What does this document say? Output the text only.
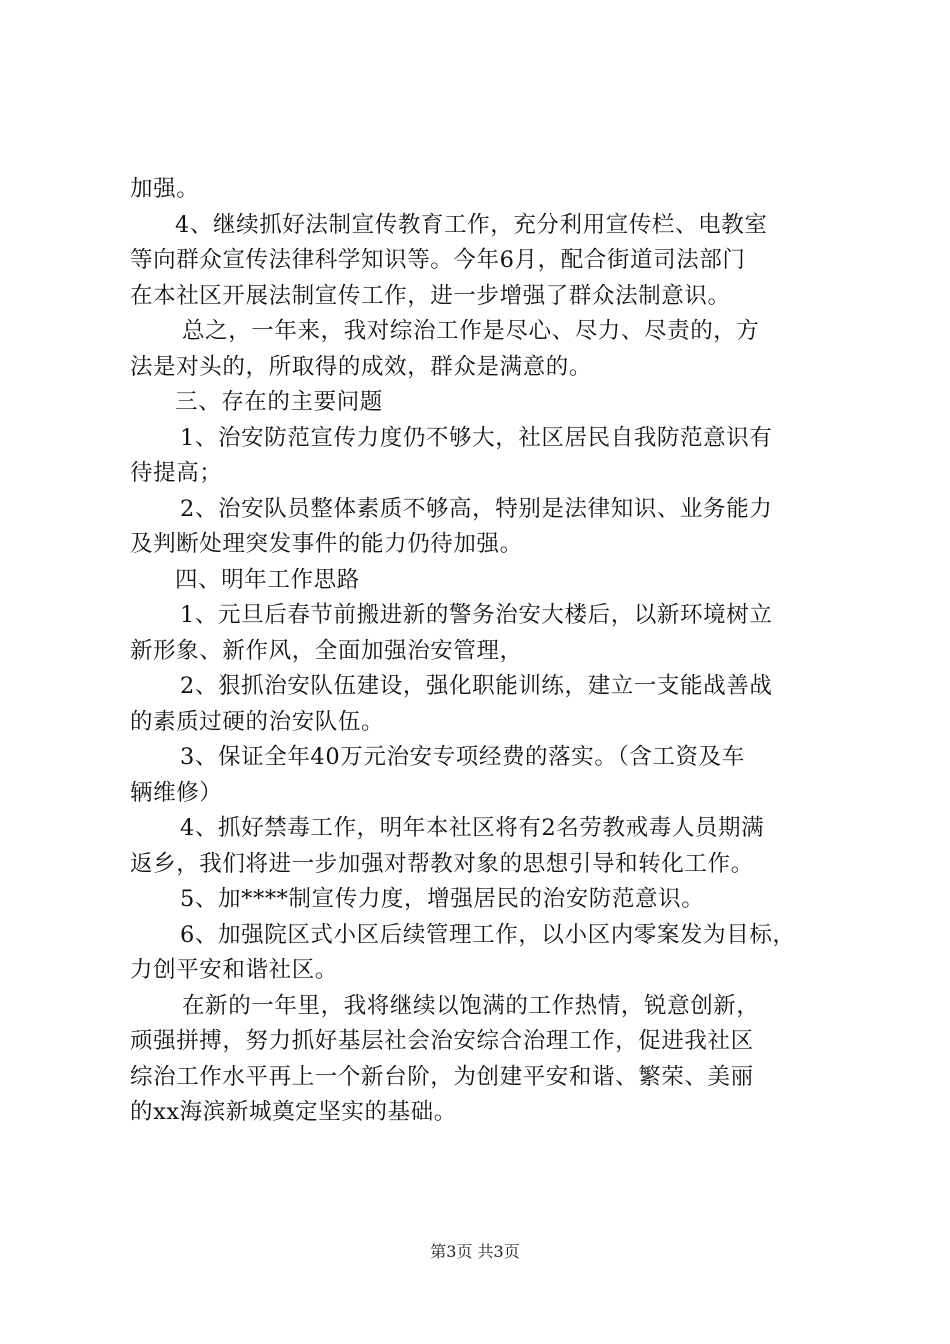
加强。
4、继续抓好法制宣传教育工作，充分利用宣传栏、电教室
等向群众宣传法律科学知识等。今年6月，配合街道司法部门
在本社区开展法制宣传工作，进一步增强了群众法制意识。
总之，一年来，我对综治工作是尽心、尽力、尽责的，方
法是对头的，所取得的成效，群众是满意的。
三、存在的主要问题
1、治安防范宣传力度仍不够大，社区居民自我防范意识有
待提高；
2、治安队员整体素质不够高，特别是法律知识、业务能力
及判断处理突发事件的能力仍待加强。
四、明年工作思路
1、元旦后春节前搬进新的警务治安大楼后，以新环境树立
新形象、新作风，全面加强治安管理，
2、狠抓治安队伍建设，强化职能训练，建立一支能战善战
的素质过硬的治安队伍。
3、保证全年40万元治安专项经费的落实。（含工资及车
辆维修）
4、抓好禁毒工作，明年本社区将有2名劳教戒毒人员期满
返乡，我们将进一步加强对帮教对象的思想引导和转化工作。
5、加****制宣传力度，增强居民的治安防范意识。
6、加强院区式小区后续管理工作，以小区内零案发为目标，
力创平安和谐社区。
在新的一年里，我将继续以饱满的工作热情，锐意创新，
顽强拼搏，努力抓好基层社会治安综合治理工作，促进我社区
综治工作水平再上一个新台阶，为创建平安和谐、繁荣、美丽
的xx海滨新城奠定坚实的基础。
第3页 共3页
